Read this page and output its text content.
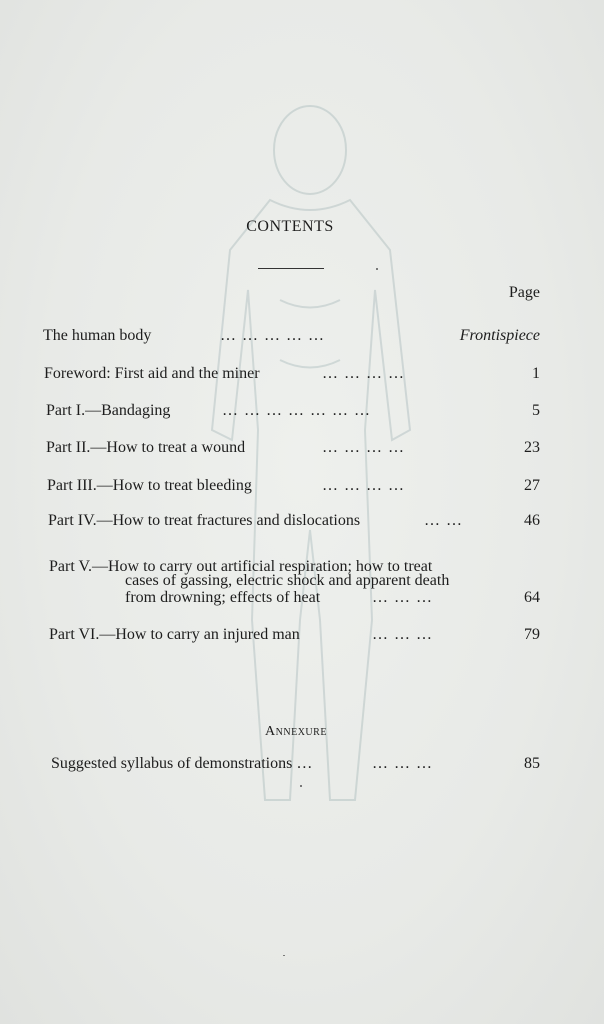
CONTENTS
Page
The human body	… … … … …	Frontispiece
Foreword: First aid and the miner	… … … …	1
Part I.—Bandaging	… … … … … … …	5
Part II.—How to treat a wound	… … … …	23
Part III.—How to treat bleeding	… … … …	27
Part IV.—How to treat fractures and dislocations	… …	46
Part V.—How to carry out artificial respiration; how to treat
cases of gassing, electric shock and apparent death
from drowning; effects of heat	… … …	64
Part VI.—How to carry an injured man	… … …	79
Annexure
Suggested syllabus of demonstrations …	… … …	85
